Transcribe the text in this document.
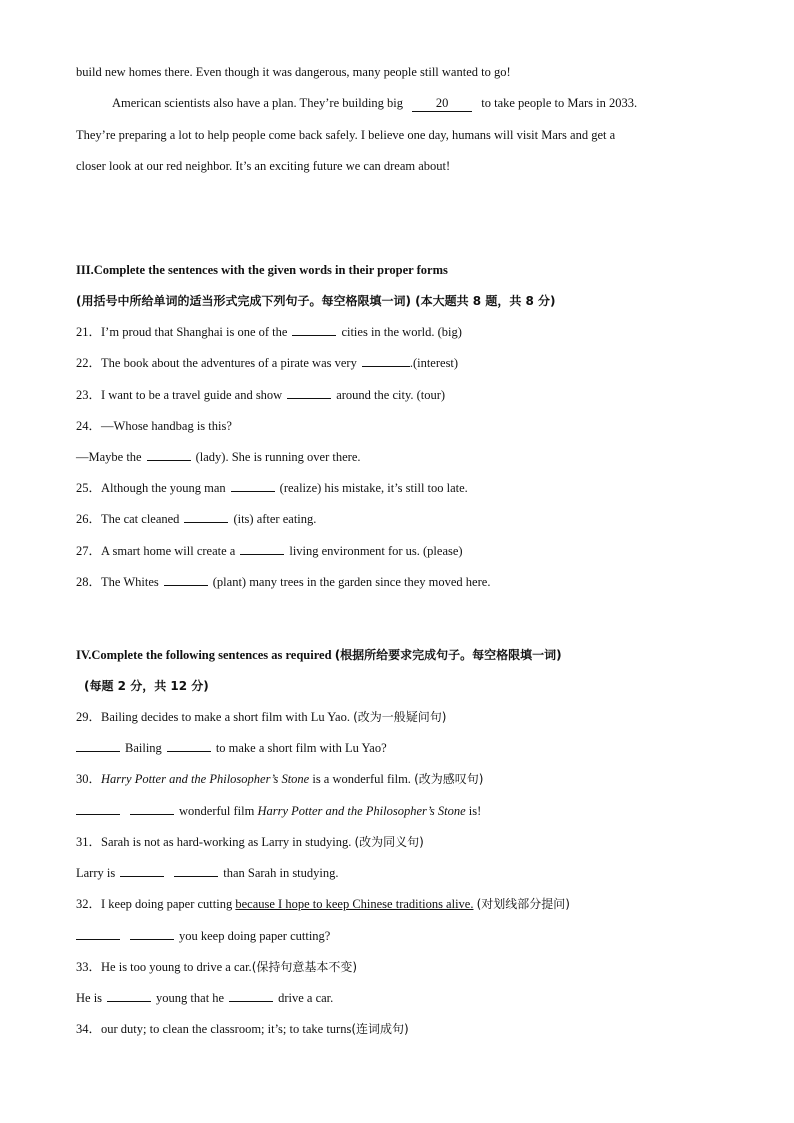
build new homes there. Even though it was dangerous, many people still wanted to go!
American scientists also have a plan. They’re building big	20	to take people to Mars in 2033.
They’re preparing a lot to help people come back safely. I believe one day, humans will visit Mars and get a
closer look at our red neighbor. It’s an exciting future we can dream about!
III.Complete the sentences with the given words in their proper forms
(用括号中所给单词的适当形式完成下列句子。每空格限填一词) (本大题共 8 题，共 8 分)
21．I’m proud that Shanghai is one of the	cities in the world. (big)
22．The book about the adventures of a pirate was very	.(interest)
23．I want to be a travel guide and show	around the city. (tour)
24．—Whose handbag is this?
—Maybe the	(lady). She is running over there.
25．Although the young man	(realize) his mistake, it’s still too late.
26．The cat cleaned	(its) after eating.
27．A smart home will create a	living environment for us. (please)
28．The Whites	(plant) many trees in the garden since they moved here.
IV.Complete the following sentences as required (根据所给要求完成句子。每空格限填一词)
(每题 2 分，共 12 分)
29．Bailing decides to make a short film with Lu Yao. (改为一般疑问句)
Bailing	to make a short film with Lu Yao?
30．Harry Potter and the Philosopher’s Stone is a wonderful film. (改为感叹句)
wonderful film Harry Potter and the Philosopher’s Stone is!
31．Sarah is not as hard-working as Larry in studying. (改为同义句)
Larry is	than Sarah in studying.
32．I keep doing paper cutting because I hope to keep Chinese traditions alive. (对划线部分提问)
you keep doing paper cutting?
33．He is too young to drive a car.(保持句意基本不变)
He is	young that he	drive a car.
34．our duty; to clean the classroom; it’s; to take turns(连词成句)
